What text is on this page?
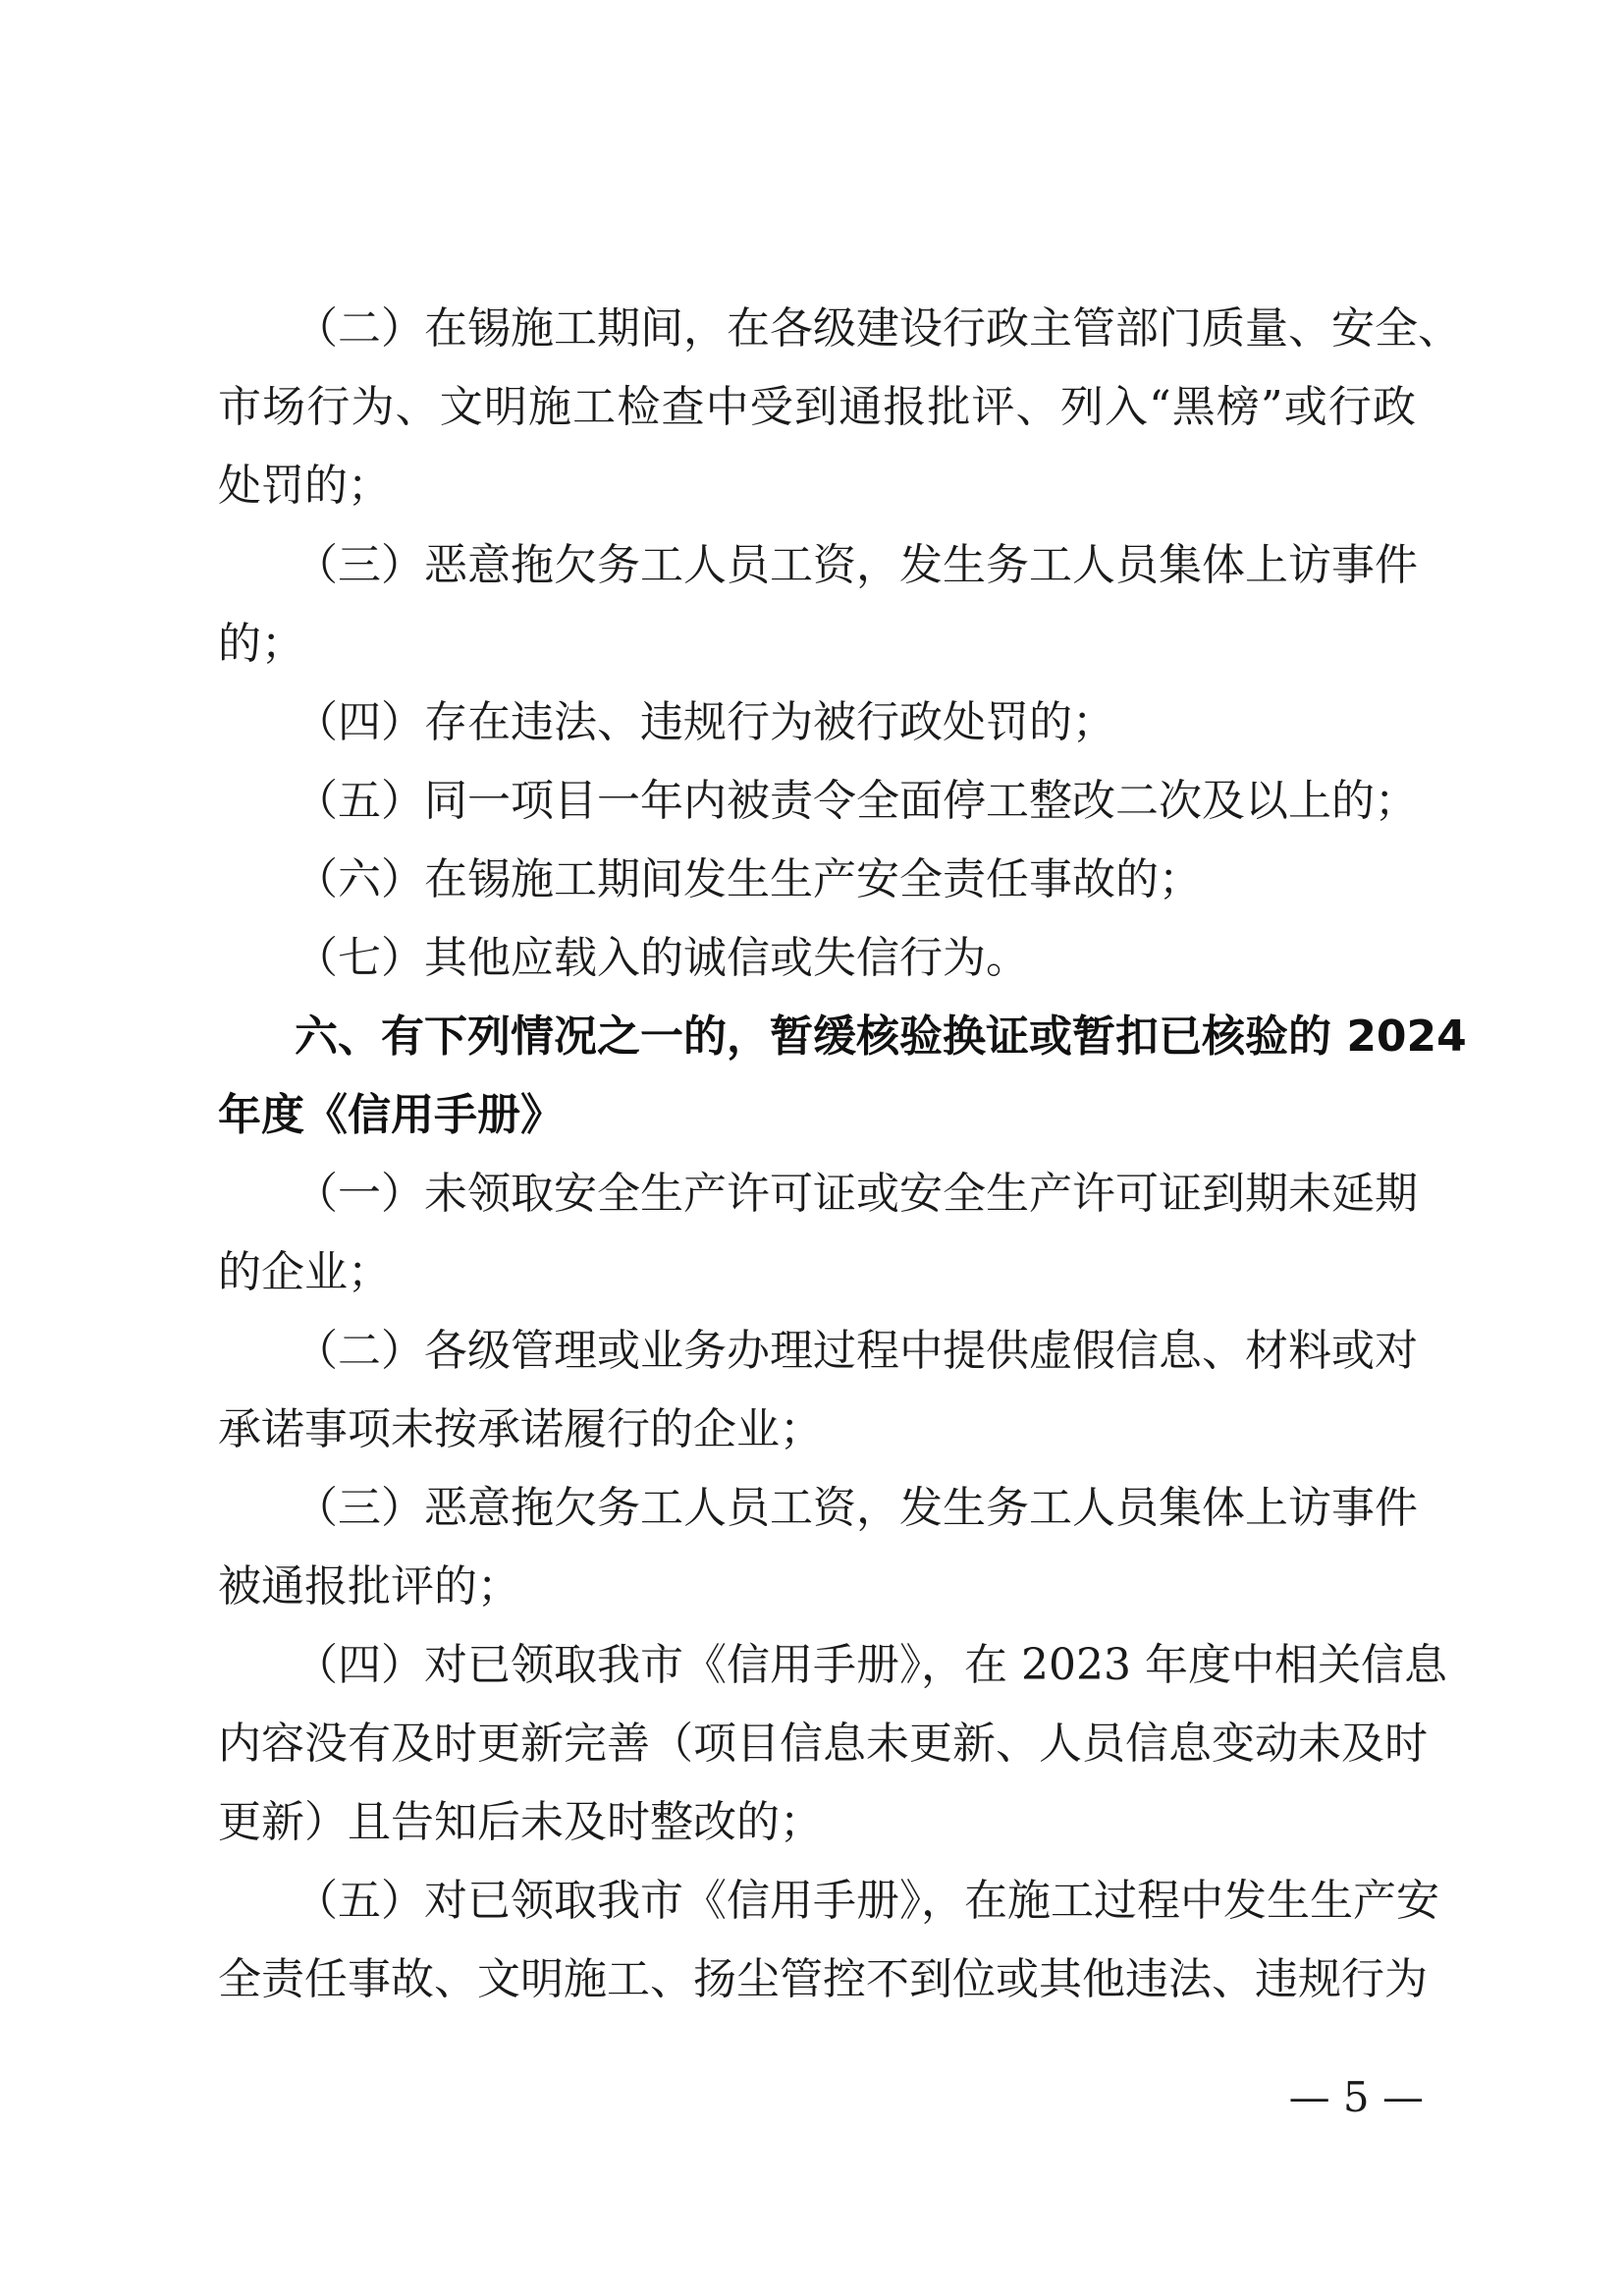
（二）在锡施工期间，在各级建设行政主管部门质量、安全、
市场行为、文明施工检查中受到通报批评、列入“黑榜”或行政
处罚的；
（三）恶意拖欠务工人员工资，发生务工人员集体上访事件
的；
（四）存在违法、违规行为被行政处罚的；
（五）同一项目一年内被责令全面停工整改二次及以上的；
（六）在锡施工期间发生生产安全责任事故的；
（七）其他应载入的诚信或失信行为。
六、有下列情况之一的，暂缓核验换证或暂扣已核验的 2024
年度《信用手册》
（一）未领取安全生产许可证或安全生产许可证到期未延期
的企业；
（二）各级管理或业务办理过程中提供虚假信息、材料或对
承诺事项未按承诺履行的企业；
（三）恶意拖欠务工人员工资，发生务工人员集体上访事件
被通报批评的；
（四）对已领取我市《信用手册》，在 2023 年度中相关信息
内容没有及时更新完善（项目信息未更新、人员信息变动未及时
更新）且告知后未及时整改的；
（五）对已领取我市《信用手册》，在施工过程中发生生产安
全责任事故、文明施工、扬尘管控不到位或其他违法、违规行为
— 5 —
